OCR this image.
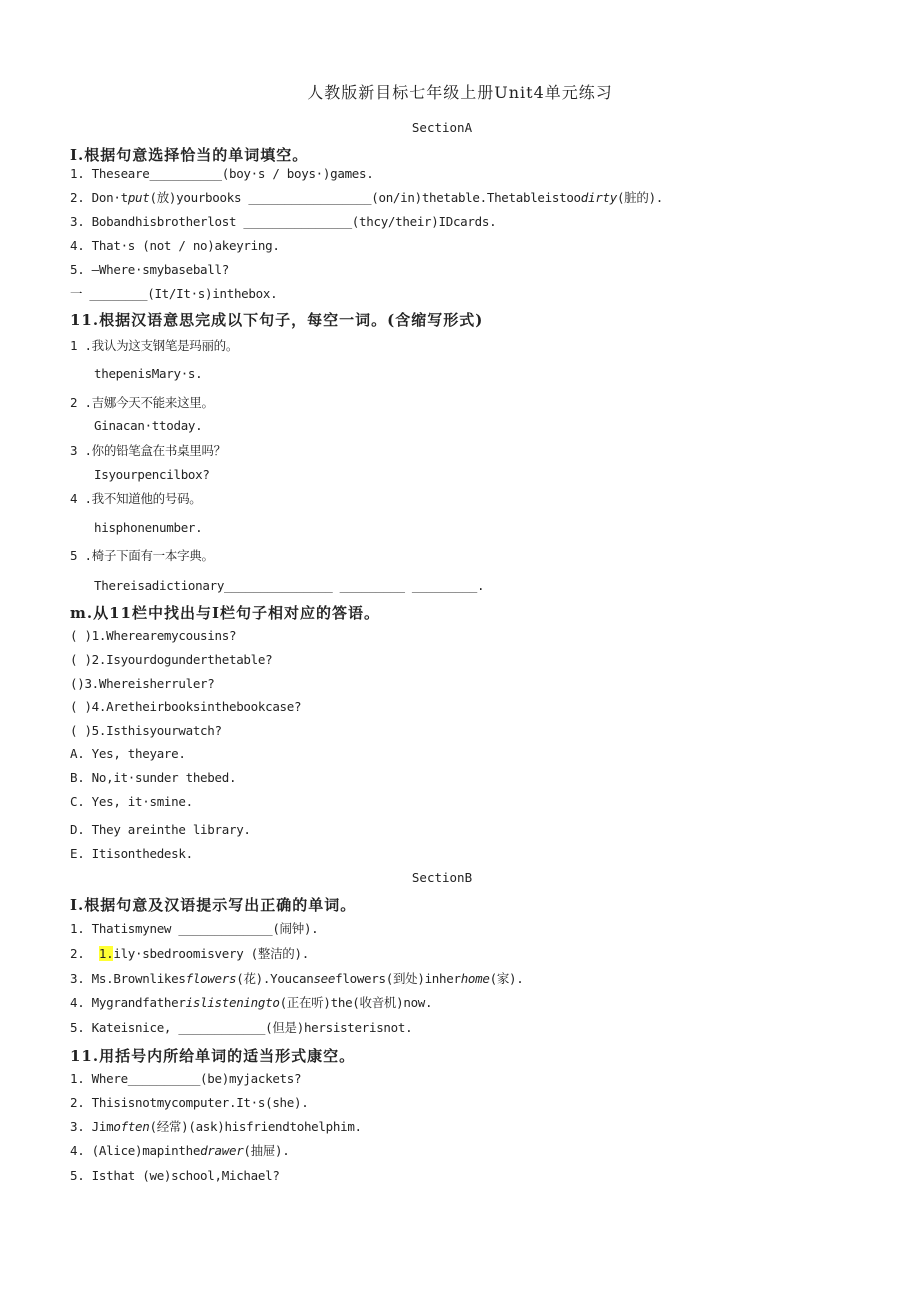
人教版新目标七年级上册Unit4单元练习
SectionA
I.根据句意选择恰当的单词填空。
1. Theseare__________(boy·s / boys·)games.
2. Don·tput(放)yourbooks _________________(on/in)thetable.Thetableistoodirty(脏的).
3. Bobandhisbrotherlost _______________(thcy/their)IDcards.
4. That·s (not / no)akeyring.
5. —Where·smybaseball?
一 ________(It/It·s)inthebox.
11.根据汉语意思完成以下句子，每空一词。(含缩写形式)
1 .我认为这支钢笔是玛丽的。
thepenisMary·s.
2 .吉娜今天不能来这里。
Ginacan·ttoday.
3 .你的铅笔盒在书桌里吗？
Isyourpencilbox?
4 .我不知道他的号码。
hisphonenumber.
5 .椅子下面有一本字典。
Thereisadictionary_______________ _________ _________.
m.从11栏中找出与I栏句子相对应的答语。
( )1.Wherearemycousins?
( )2.Isyourdogunderthetable?
()3.Whereisherruler?
( )4.Aretheirbooksinthebookcase?
( )5.Isthisyourwatch?
A. Yes, theyare.
B. No,it·sunder thebed.
C. Yes, it·smine.
D. They areinthe library.
E. Itisonthedesk.
SectionB
I.根据句意及汉语提示写出正确的单词。
1. Thatismynew _____________(闹钟).
2. 1.ily·sbedroomisvery (整洁的).
3. Ms.Brownlikesflowers(花).Youcanseeflowers(到处)inherhome(家).
4. Mygrandfatherislisteningto(正在听)the(收音机)now.
5. Kateisnice, ____________(但是)hersisterisnot.
11.用括号内所给单词的适当形式康空。
1. Where__________(be)myjackets?
2. Thisisnotmycomputer.It·s(she).
3. Jimoften(经常)(ask)hisfriendtohelphim.
4. (Alice)mapinthedrawer(抽屉).
5. Isthat (we)school,Michael?
